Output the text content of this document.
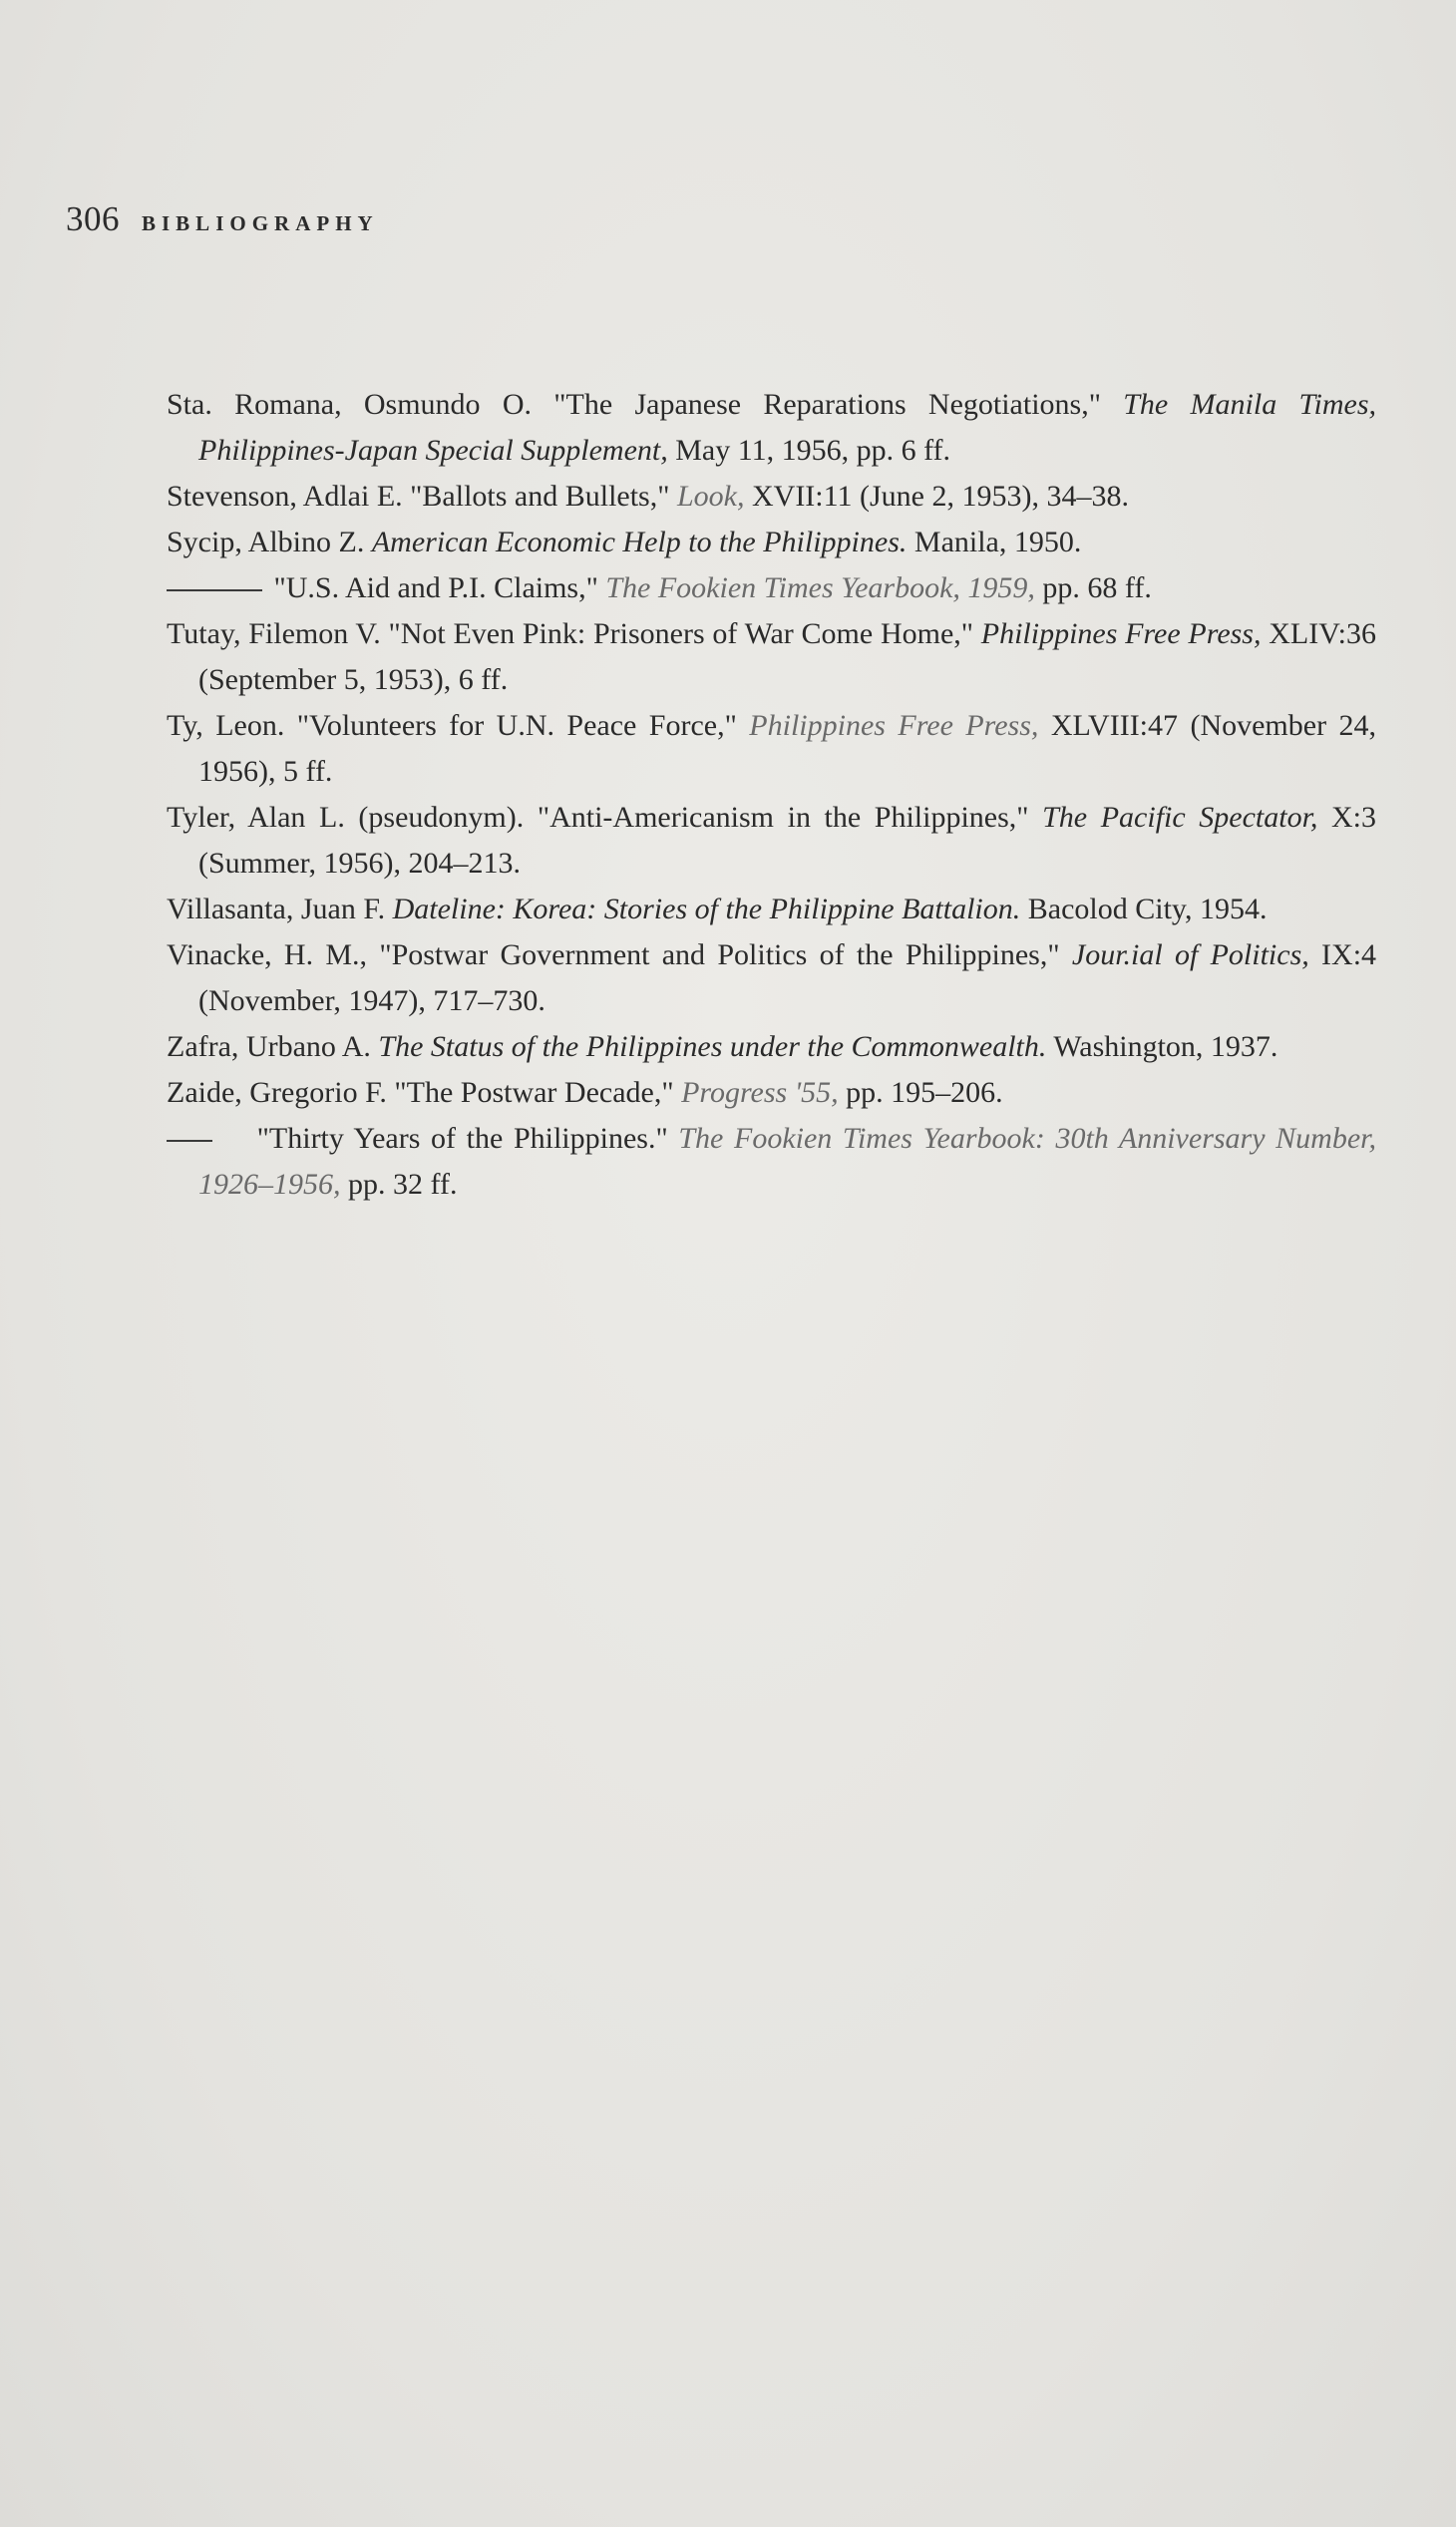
306 BIBLIOGRAPHY
Sta. Romana, Osmundo O. "The Japanese Reparations Negotiations," The Manila Times, Philippines-Japan Special Supplement, May 11, 1956, pp. 6 ff.
Stevenson, Adlai E. "Ballots and Bullets," Look, XVII:11 (June 2, 1953), 34–38.
Sycip, Albino Z. American Economic Help to the Philippines. Manila, 1950.
"U.S. Aid and P.I. Claims," The Fookien Times Yearbook, 1959, pp. 68 ff.
Tutay, Filemon V. "Not Even Pink: Prisoners of War Come Home," Philippines Free Press, XLIV:36 (September 5, 1953), 6 ff.
Ty, Leon. "Volunteers for U.N. Peace Force," Philippines Free Press, XLVIII:47 (November 24, 1956), 5 ff.
Tyler, Alan L. (pseudonym). "Anti-Americanism in the Philippines," The Pacific Spectator, X:3 (Summer, 1956), 204–213.
Villasanta, Juan F. Dateline: Korea: Stories of the Philippine Battalion. Bacolod City, 1954.
Vinacke, H. M., "Postwar Government and Politics of the Philippines," Jour.ial of Politics, IX:4 (November, 1947), 717–730.
Zafra, Urbano A. The Status of the Philippines under the Commonwealth. Washington, 1937.
Zaide, Gregorio F. "The Postwar Decade," Progress '55, pp. 195–206.
"Thirty Years of the Philippines." The Fookien Times Yearbook: 30th Anniversary Number, 1926–1956, pp. 32 ff.
